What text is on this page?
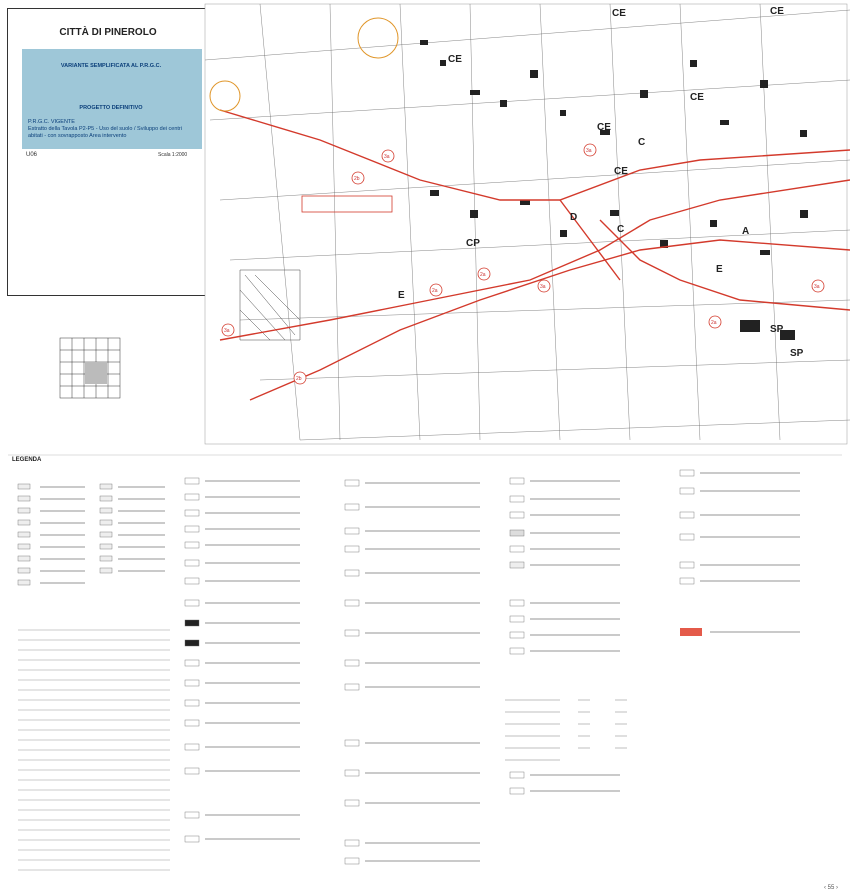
CITTÀ DI PINEROLO
VARIANTE SEMPLIFICATA AL P.R.G.C.
PROGETTO DEFINITIVO
P.R.G.C. VIGENTE
Estratto della Tavola P2-P5 - Uso del suolo / Sviluppo dei centri abitati - con sovrapposto Area intervento
U06	Scala 1:2000
LEGENDA
CE
CE
CE
CE
CE
CE
CP
E
E
D
C
C	A
SP
SP
3a
2b
2a
3a
2b
2a
3a	3a
2a
3a
‹ 55 ›
